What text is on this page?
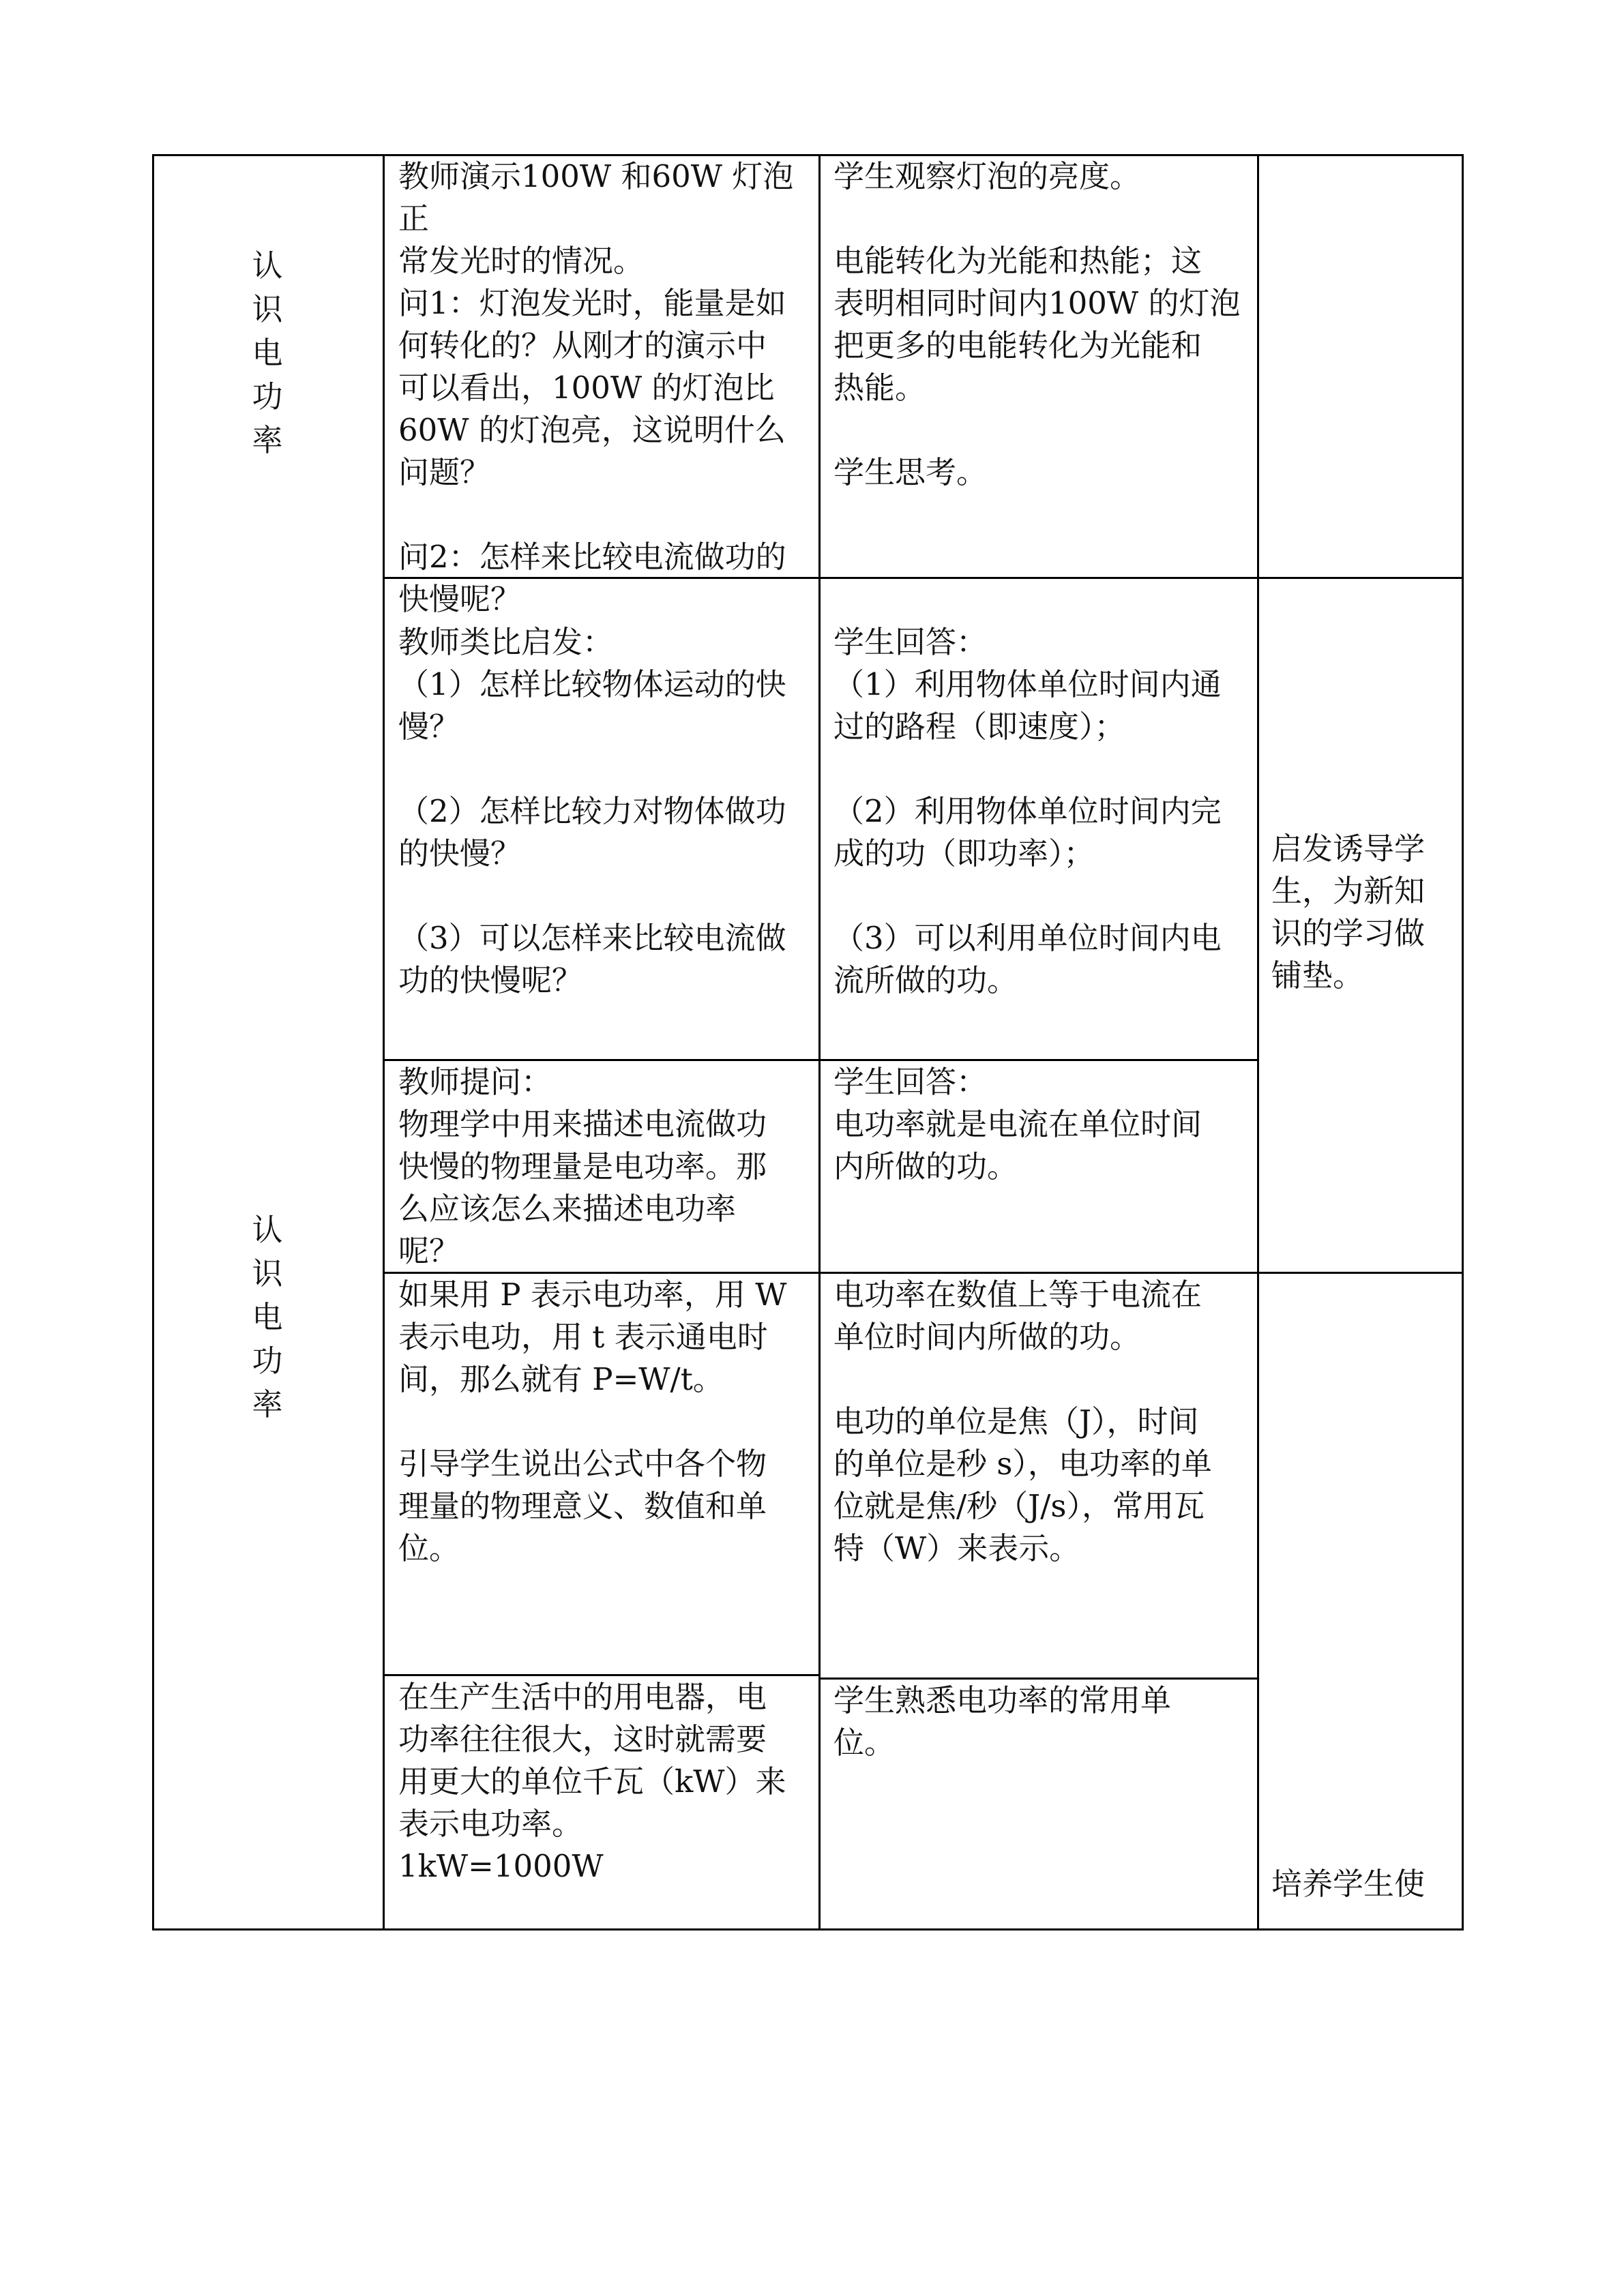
认
识
电
功
率
认
识
电
功
率
教师演示100W 和60W 灯泡正
常发光时的情况。
问1：灯泡发光时，能量是如
何转化的？从刚才的演示中
可以看出，100W 的灯泡比
60W 的灯泡亮，这说明什么
问题？

问2：怎样来比较电流做功的
快慢呢？
学生观察灯泡的亮度。

电能转化为光能和热能；这
表明相同时间内100W 的灯泡
把更多的电能转化为光能和
热能。

学生思考。

教师类比启发：
（1）怎样比较物体运动的快
慢？

（2）怎样比较力对物体做功
的快慢？

（3）可以怎样来比较电流做
功的快慢呢？

学生回答：
（1）利用物体单位时间内通
过的路程（即速度）；

（2）利用物体单位时间内完
成的功（即功率）；

（3）可以利用单位时间内电
流所做的功。
教师提问：
物理学中用来描述电流做功
快慢的物理量是电功率。那
么应该怎么来描述电功率
呢？
学生回答：
电功率就是电流在单位时间
内所做的功。
如果用 P 表示电功率，用 W
表示电功，用 t 表示通电时
间，那么就有 P=W/t。

引导学生说出公式中各个物
理量的物理意义、数值和单
位。
电功率在数值上等于电流在
单位时间内所做的功。

电功的单位是焦（J），时间
的单位是秒 s），电功率的单
位就是焦/秒（J/s），常用瓦
特（W）来表示。
在生产生活中的用电器，电
功率往往很大，这时就需要
用更大的单位千瓦（kW）来
表示电功率。
1kW=1000W
学生熟悉电功率的常用单
位。
启发诱导学
生，为新知
识的学习做
铺垫。
培养学生使
